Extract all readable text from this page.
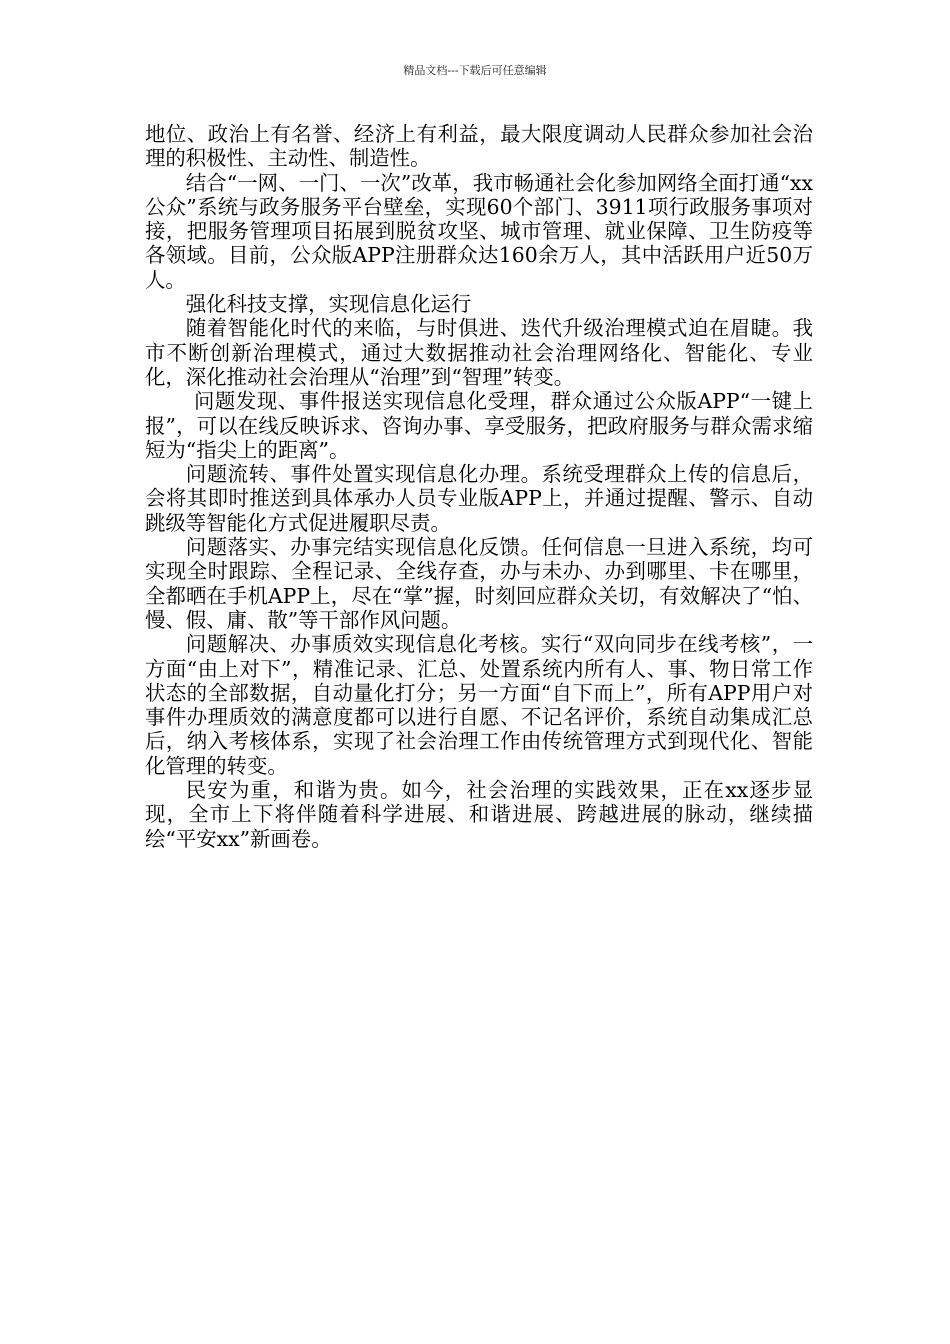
精品文档---下载后可任意编辑

地位、政治上有名誉、经济上有利益，最大限度调动人民群众参加社会治理的积极性、主动性、制造性。

结合“一网、一门、一次”改革，我市畅通社会化参加网络全面打通“xx公众”系统与政务服务平台壁垒，实现60个部门、3911项行政服务事项对接，把服务管理项目拓展到脱贫攻坚、城市管理、就业保障、卫生防疫等各领域。目前，公众版APP注册群众达160余万人，其中活跃用户近50万人。

强化科技支撑，实现信息化运行

随着智能化时代的来临，与时俱进、迭代升级治理模式迫在眉睫。我市不断创新治理模式，通过大数据推动社会治理网络化、智能化、专业化，深化推动社会治理从“治理”到“智理”转变。

问题发现、事件报送实现信息化受理，群众通过公众版APP“一键上报”，可以在线反映诉求、咨询办事、享受服务，把政府服务与群众需求缩短为“指尖上的距离”。

问题流转、事件处置实现信息化办理。系统受理群众上传的信息后，会将其即时推送到具体承办人员专业版APP上，并通过提醒、警示、自动跳级等智能化方式促进履职尽责。

问题落实、办事完结实现信息化反馈。任何信息一旦进入系统，均可实现全时跟踪、全程记录、全线存查，办与未办、办到哪里、卡在哪里，全都晒在手机APP上，尽在“掌”握，时刻回应群众关切，有效解决了“怕、慢、假、庸、散”等干部作风问题。

问题解决、办事质效实现信息化考核。实行“双向同步在线考核”，一方面“由上对下”，精准记录、汇总、处置系统内所有人、事、物日常工作状态的全部数据，自动量化打分；另一方面“自下而上”，所有APP用户对事件办理质效的满意度都可以进行自愿、不记名评价，系统自动集成汇总后，纳入考核体系，实现了社会治理工作由传统管理方式到现代化、智能化管理的转变。

民安为重，和谐为贵。如今，社会治理的实践效果，正在xx逐步显现，全市上下将伴随着科学进展、和谐进展、跨越进展的脉动，继续描绘“平安xx”新画卷。
